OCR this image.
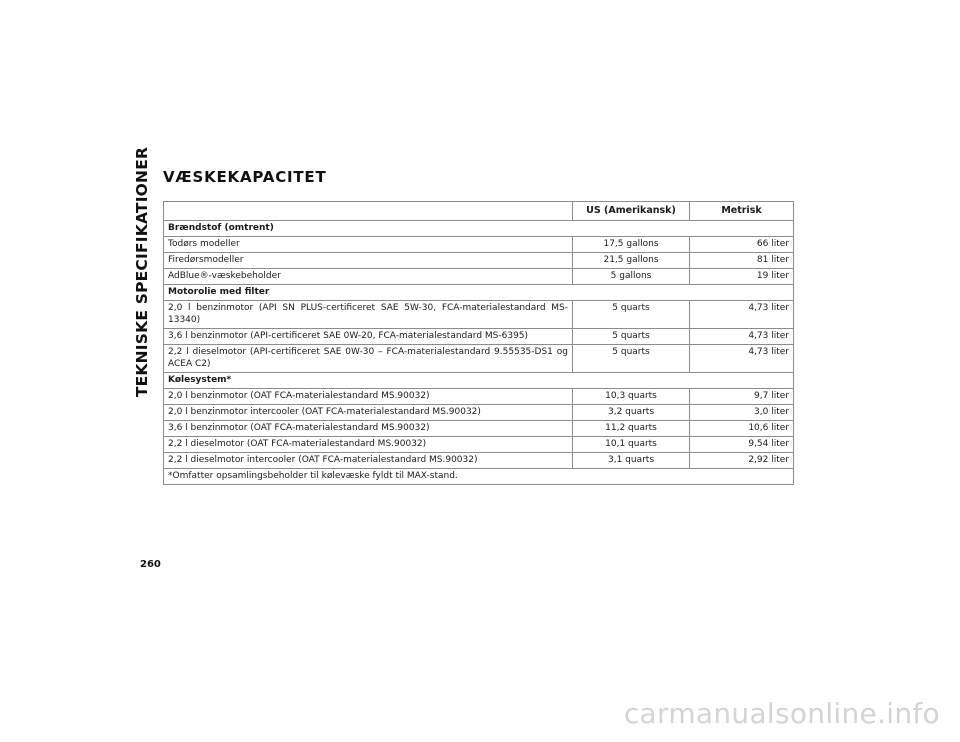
TEKNISKE SPECIFIKATIONER VÆSKEKAPACITET
	US (Amerikansk)	Metrisk
Brændstof (omtrent)		
Todørs modeller	17,5 gallons	66 liter
Firedørsmodeller	21,5 gallons	81 liter
AdBlue®-væskebeholder	5 gallons	19 liter
Motorolie med filter		
2,0 l benzinmotor (API SN PLUS-certificeret SAE 5W-30, FCA-materialestandard MS-13340)	5 quarts	4,73 liter
3,6 l benzinmotor (API-certificeret SAE 0W-20, FCA-materialestandard MS-6395)	5 quarts	4,73 liter
2,2 l dieselmotor (API-certificeret SAE 0W-30 – FCA-materialestandard 9.55535-DS1 og ACEA C2)	5 quarts	4,73 liter
Kølesystem*		
2,0 l benzinmotor (OAT FCA-materialestandard MS.90032)	10,3 quarts	9,7 liter
2,0 l benzinmotor intercooler (OAT FCA-materialestandard MS.90032)	3,2 quarts	3,0 liter
3,6 l benzinmotor (OAT FCA-materialestandard MS.90032)	11,2 quarts	10,6 liter
2,2 l dieselmotor (OAT FCA-materialestandard MS.90032)	10,1 quarts	9,54 liter
2,2 l dieselmotor intercooler (OAT FCA-materialestandard MS.90032)	3,1 quarts	2,92 liter
*Omfatter opsamlingsbeholder til kølevæske fyldt til MAX-stand.		
260
carmanualsonline.info
